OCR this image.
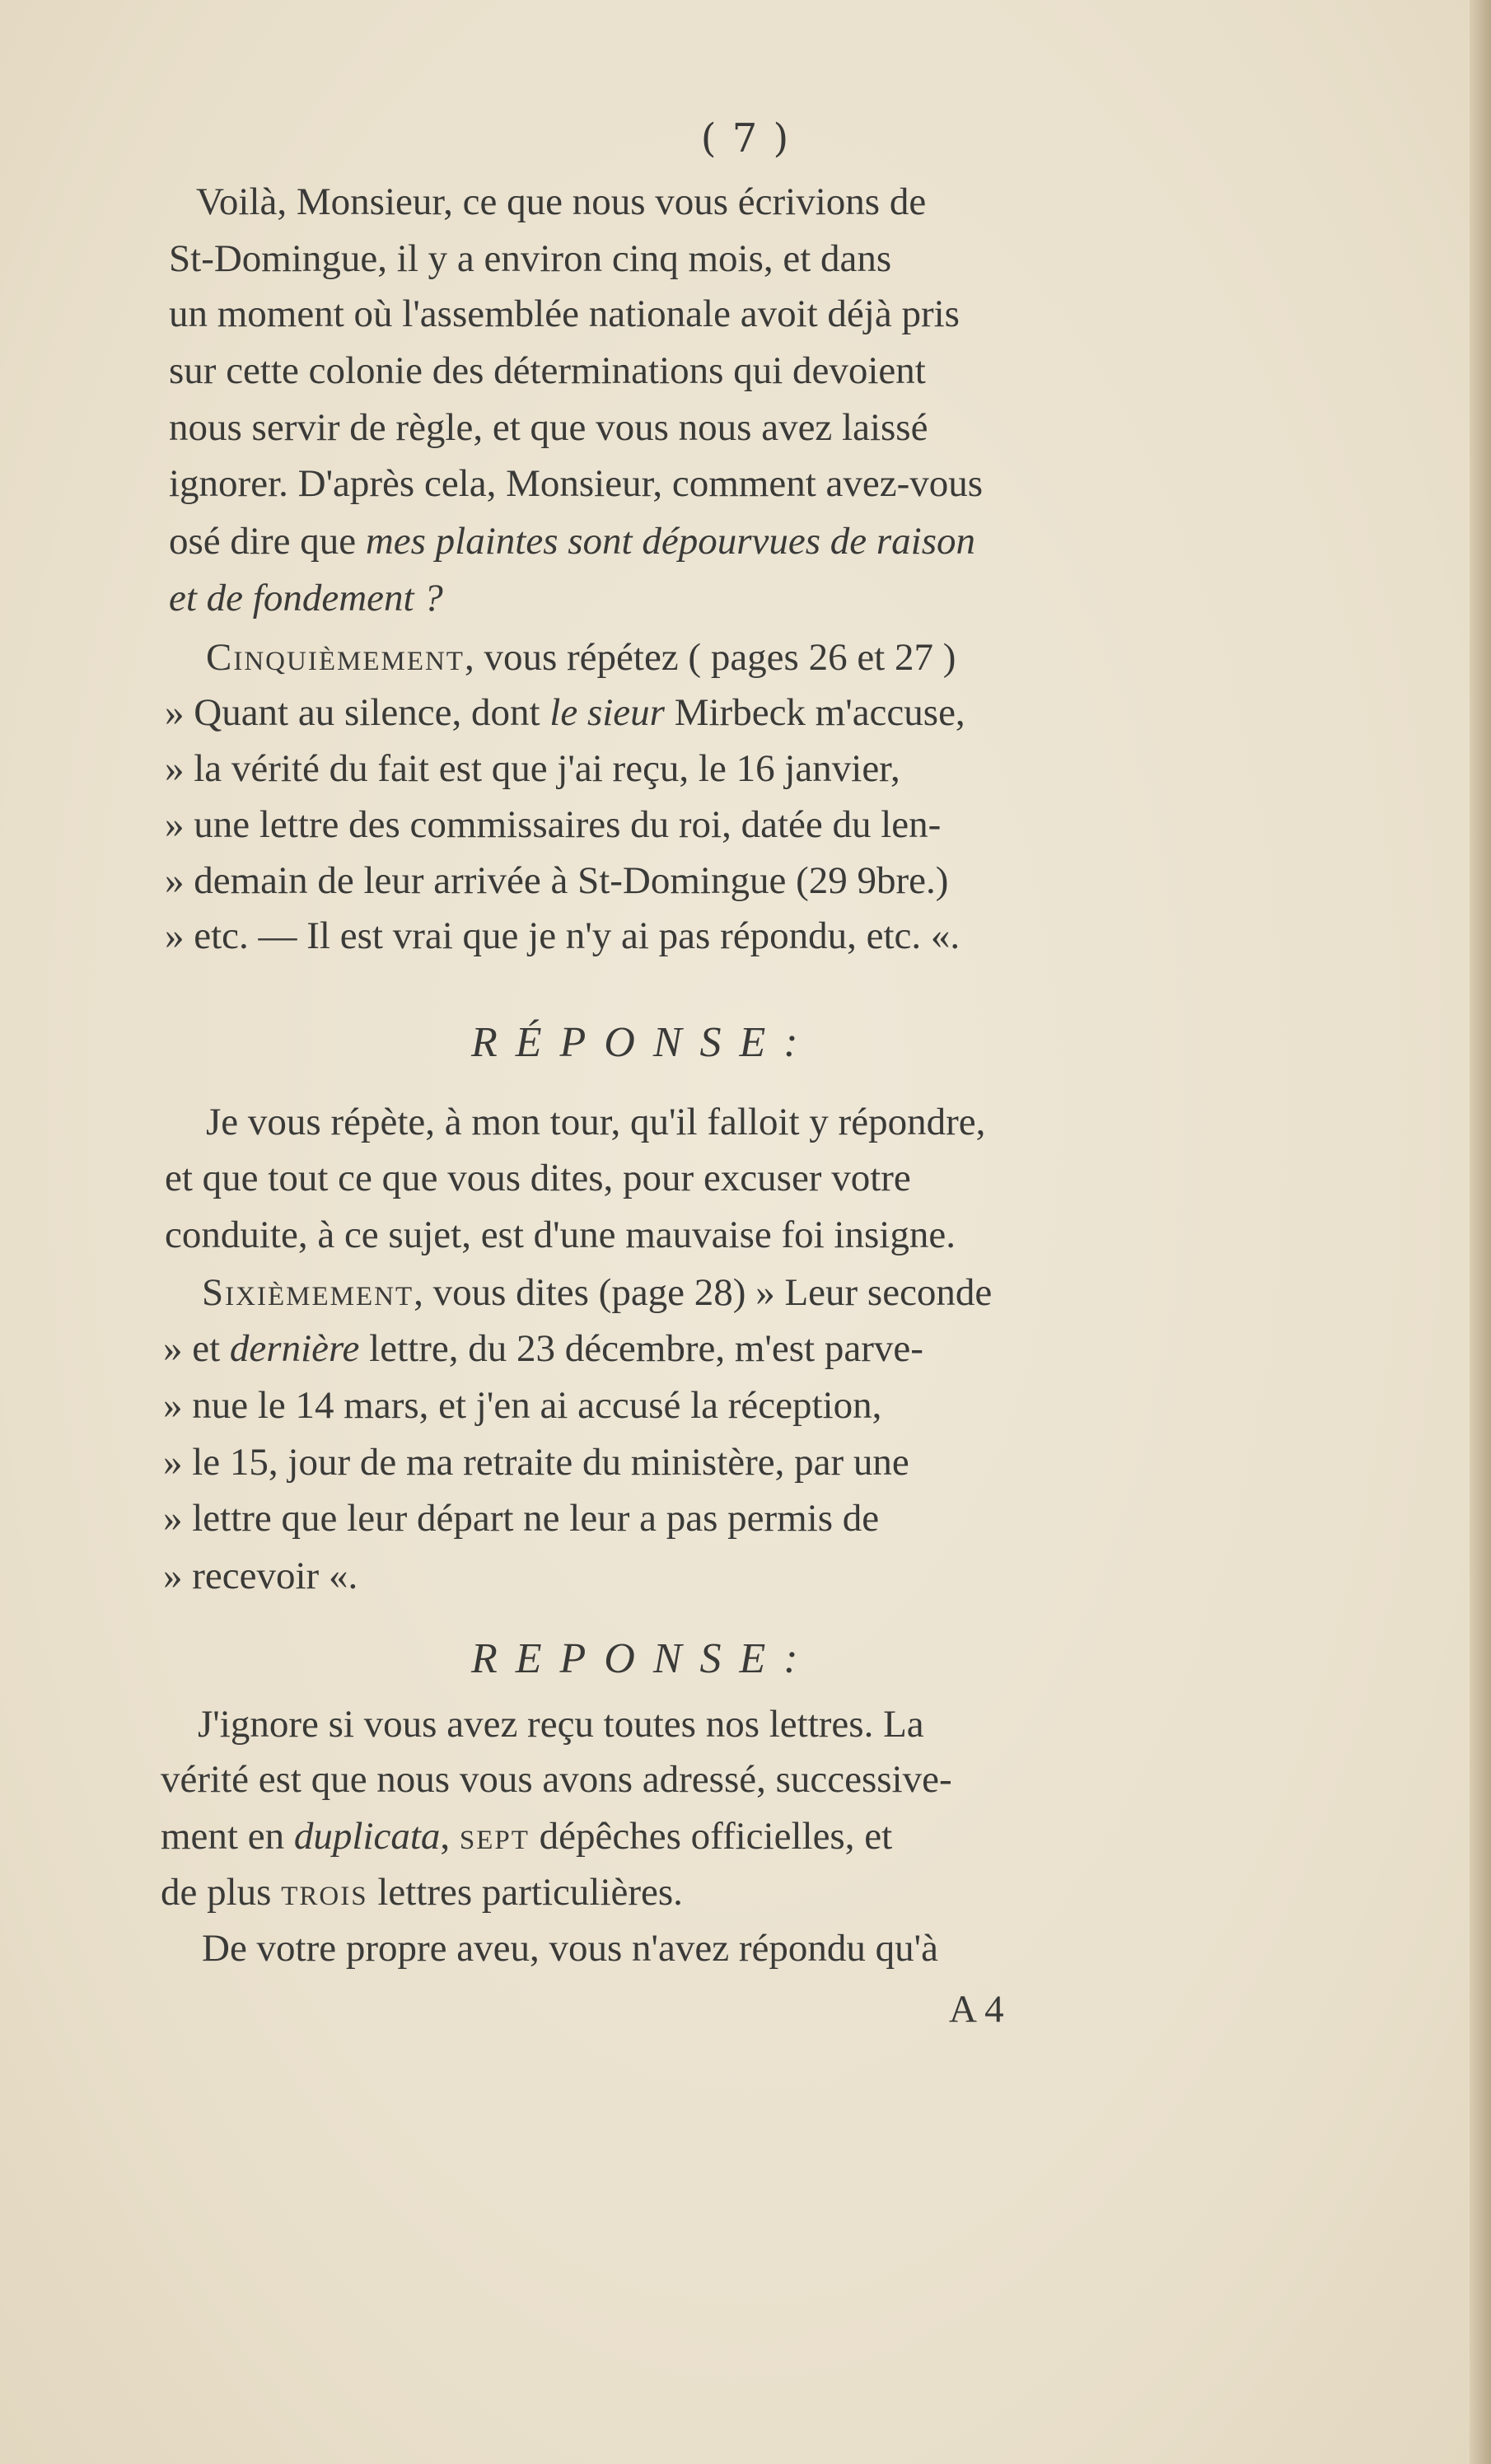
( 7 )
Voilà, Monsieur, ce que nous vous écrivions de
St-Domingue, il y a environ cinq mois, et dans
un moment où l'assemblée nationale avoit déjà pris
sur cette colonie des déterminations qui devoient
nous servir de règle, et que vous nous avez laissé
ignorer. D'après cela, Monsieur, comment avez-vous
osé dire que mes plaintes sont dépourvues de raison
et de fondement ?
Cinquièmement, vous répétez ( pages 26 et 27 )
» Quant au silence, dont le sieur Mirbeck m'accuse,
» la vérité du fait est que j'ai reçu, le 16 janvier,
» une lettre des commissaires du roi, datée du len-
» demain de leur arrivée à St-Domingue (29 9bre.)
» etc. — Il est vrai que je n'y ai pas répondu, etc. «.
RÉPONSE:
Je vous répète, à mon tour, qu'il falloit y répondre,
et que tout ce que vous dites, pour excuser votre
conduite, à ce sujet, est d'une mauvaise foi insigne.
Sixièmement, vous dites (page 28) » Leur seconde
» et dernière lettre, du 23 décembre, m'est parve-
» nue le 14 mars, et j'en ai accusé la réception,
» le 15, jour de ma retraite du ministère, par une
» lettre que leur départ ne leur a pas permis de
» recevoir «.
REPONSE:
J'ignore si vous avez reçu toutes nos lettres. La
vérité est que nous vous avons adressé, successive-
ment en duplicata, sept dépêches officielles, et
de plus trois lettres particulières.
De votre propre aveu, vous n'avez répondu qu'à
A 4
